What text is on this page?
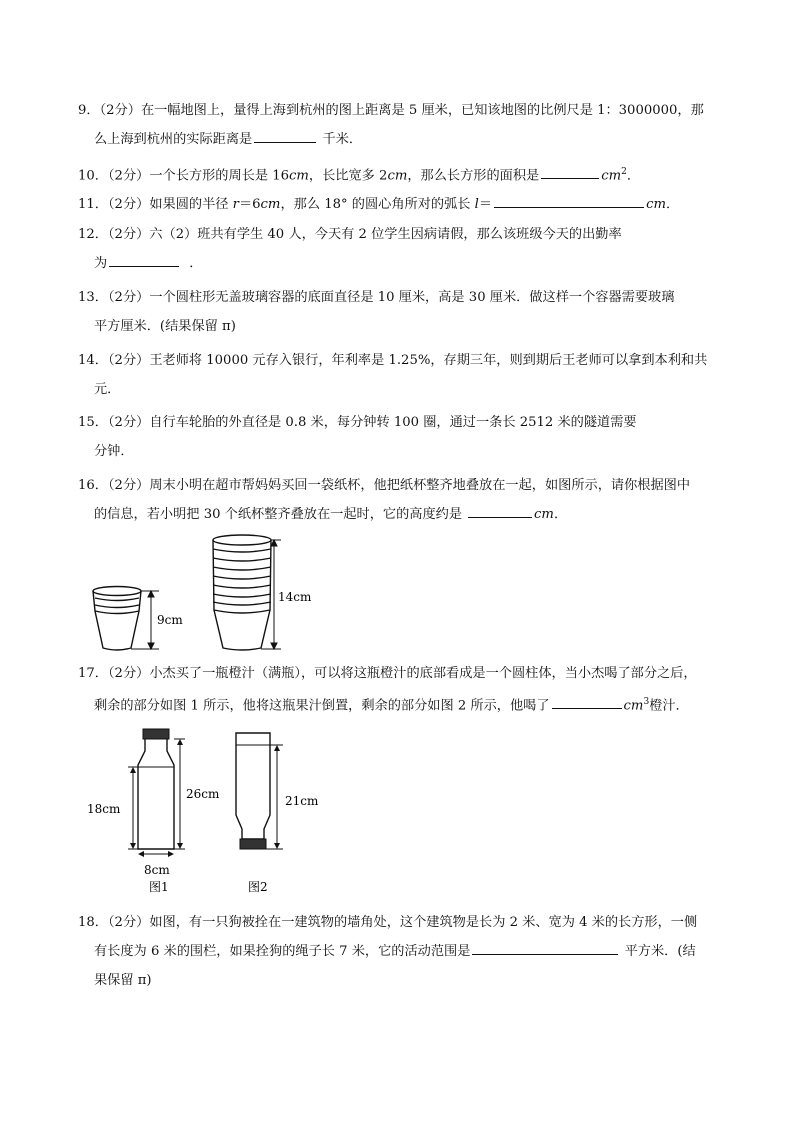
9．（2分）在一幅地图上，量得上海到杭州的图上距离是 5 厘米，已知该地图的比例尺是 1：3000000，那
么上海到杭州的实际距离是	千米．
10．（2分）一个长方形的周长是 16cm，长比宽多 2cm，那么长方形的面积是	$cm^2$．
11．（2分）如果圆的半径 r＝6cm，那么 18° 的圆心角所对的弧长 l＝	cm．
12．（2分）六（2）班共有学生 40 人，今天有 2 位学生因病请假，那么该班级今天的出勤率
为	．
13．（2分）一个圆柱形无盖玻璃容器的底面直径是 10 厘米，高是 30 厘米．做这样一个容器需要玻璃
平方厘米．(结果保留 π)
14．（2分）王老师将 10000 元存入银行，年利率是 1.25%，存期三年，则到期后王老师可以拿到本利和共
元．
15．（2分）自行车轮胎的外直径是 0.8 米，每分钟转 100 圈，通过一条长 2512 米的隧道需要
分钟．
16．（2分）周末小明在超市帮妈妈买回一袋纸杯，他把纸杯整齐地叠放在一起，如图所示，请你根据图中
的信息，若小明把 30 个纸杯整齐叠放在一起时，它的高度约是	cm．
9cm
14cm
17．（2分）小杰买了一瓶橙汁（满瓶），可以将这瓶橙汁的底部看成是一个圆柱体，当小杰喝了部分之后，
剩余的部分如图 1 所示，他将这瓶果汁倒置，剩余的部分如图 2 所示，他喝了	$cm^3$橙汁．
18cm
26cm
8cm
21cm
图1	图2
18．（2分）如图，有一只狗被拴在一建筑物的墙角处，这个建筑物是长为 2 米、宽为 4 米的长方形，一侧
有长度为 6 米的围栏，如果拴狗的绳子长 7 米，它的活动范围是	平方米．(结
果保留 π)
